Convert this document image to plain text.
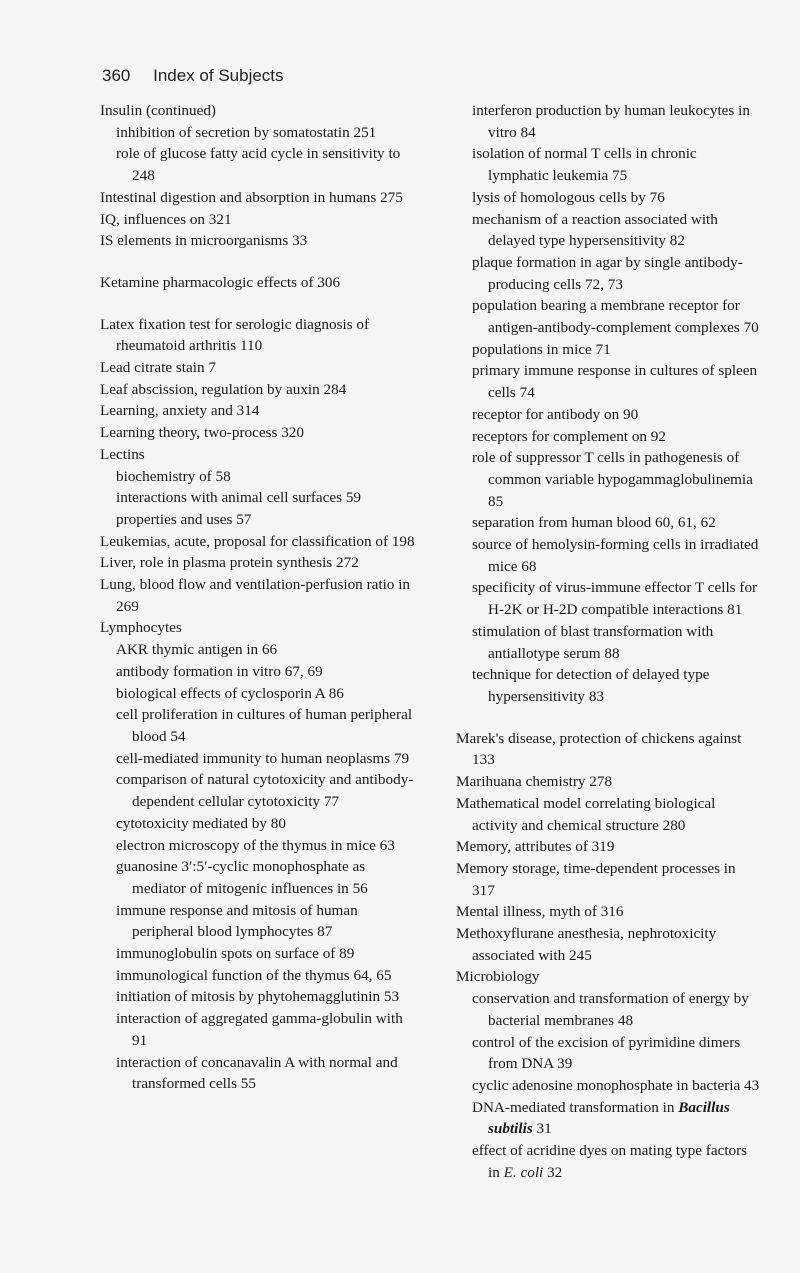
360 Index of Subjects
Insulin (continued)
inhibition of secretion by somatostatin 251
role of glucose fatty acid cycle in sensitivity to 248
Intestinal digestion and absorption in humans 275
IQ, influences on 321
IS elements in microorganisms 33
Ketamine pharmacologic effects of 306
Latex fixation test for serologic diagnosis of rheumatoid arthritis 110
Lead citrate stain 7
Leaf abscission, regulation by auxin 284
Learning, anxiety and 314
Learning theory, two-process 320
Lectins
biochemistry of 58
interactions with animal cell surfaces 59
properties and uses 57
Leukemias, acute, proposal for classification of 198
Liver, role in plasma protein synthesis 272
Lung, blood flow and ventilation-perfusion ratio in 269
Lymphocytes
AKR thymic antigen in 66
antibody formation in vitro 67, 69
biological effects of cyclosporin A 86
cell proliferation in cultures of human peripheral blood 54
cell-mediated immunity to human neoplasms 79
comparison of natural cytotoxicity and antibody-dependent cellular cytotoxicity 77
cytotoxicity mediated by 80
electron microscopy of the thymus in mice 63
guanosine 3′:5′-cyclic monophosphate as mediator of mitogenic influences in 56
immune response and mitosis of human peripheral blood lymphocytes 87
immunoglobulin spots on surface of 89
immunological function of the thymus 64, 65
initiation of mitosis by phytohemagglutinin 53
interaction of aggregated gamma-globulin with 91
interaction of concanavalin A with normal and transformed cells 55
interferon production by human leukocytes in vitro 84
isolation of normal T cells in chronic lymphatic leukemia 75
lysis of homologous cells by 76
mechanism of a reaction associated with delayed type hypersensitivity 82
plaque formation in agar by single antibody-producing cells 72, 73
population bearing a membrane receptor for antigen-antibody-complement complexes 70
populations in mice 71
primary immune response in cultures of spleen cells 74
receptor for antibody on 90
receptors for complement on 92
role of suppressor T cells in pathogenesis of common variable hypogammaglobulinemia 85
separation from human blood 60, 61, 62
source of hemolysin-forming cells in irradiated mice 68
specificity of virus-immune effector T cells for H-2K or H-2D compatible interactions 81
stimulation of blast transformation with antiallotype serum 88
technique for detection of delayed type hypersensitivity 83
Marek's disease, protection of chickens against 133
Marihuana chemistry 278
Mathematical model correlating biological activity and chemical structure 280
Memory, attributes of 319
Memory storage, time-dependent processes in 317
Mental illness, myth of 316
Methoxyflurane anesthesia, nephrotoxicity associated with 245
Microbiology
conservation and transformation of energy by bacterial membranes 48
control of the excision of pyrimidine dimers from DNA 39
cyclic adenosine monophosphate in bacteria 43
DNA-mediated transformation in Bacillus subtilis 31
effect of acridine dyes on mating type factors in E. coli 32
